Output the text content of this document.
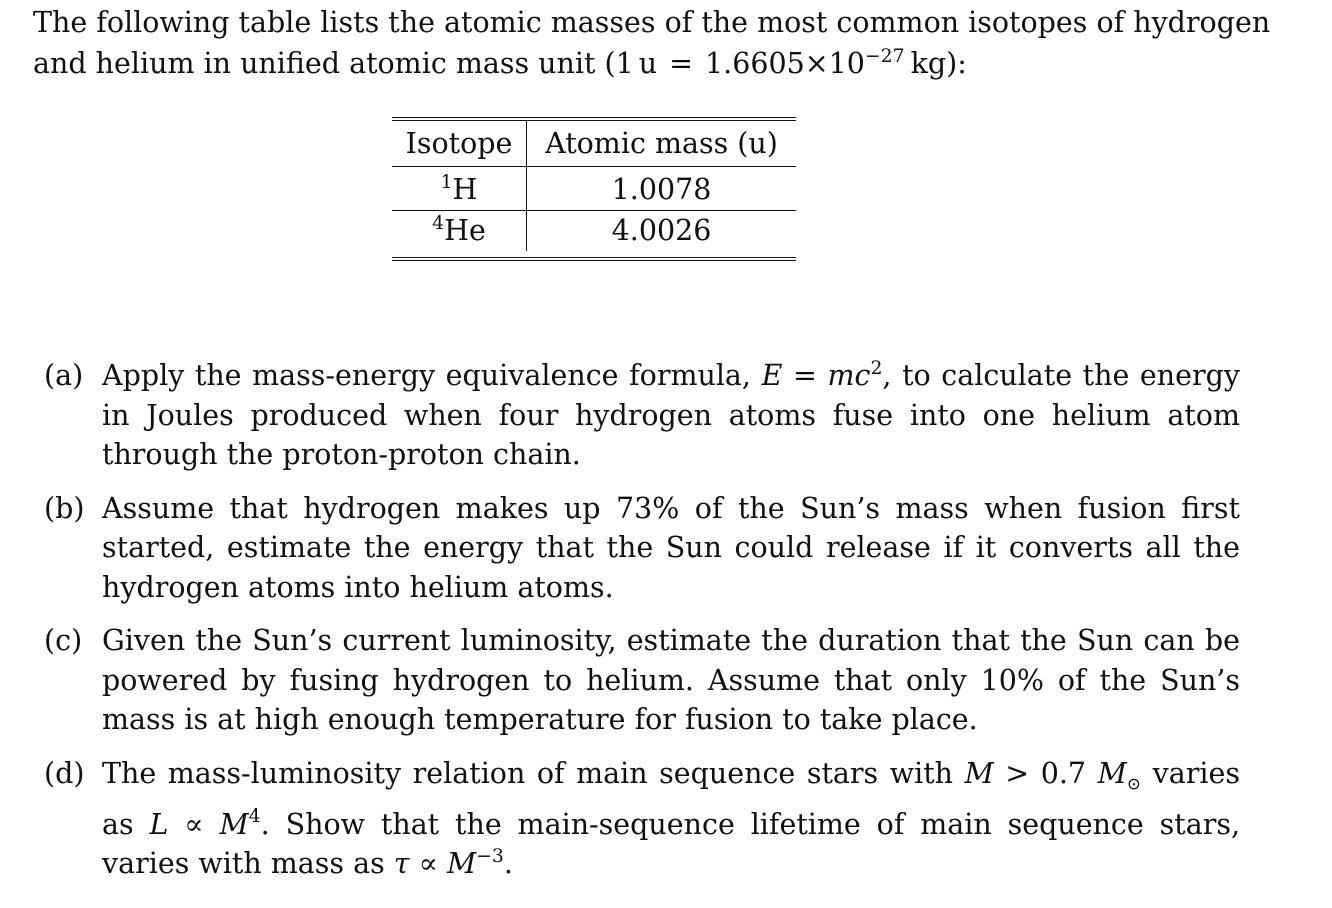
The following table lists the atomic masses of the most common isotopes of hydrogen
and helium in unified atomic mass unit (1 $u = 1.6605\times 10^{-27}$ kg):
Isotope	Atomic mass (u)

$^1$H	1.0078
$^4$He	4.0026
(a) Apply the mass-energy equivalence formula, $E = mc^2$, to calculate the energy in Joules produced when four hydrogen atoms fuse into one helium atom through the proton-proton chain.
(b) Assume that hydrogen makes up 73% of the Sun’s mass when fusion first started, estimate the energy that the Sun could release if it converts all the hydrogen atoms into helium atoms.
(c) Given the Sun’s current luminosity, estimate the duration that the Sun can be powered by fusing hydrogen to helium. Assume that only 10% of the Sun’s mass is at high enough temperature for fusion to take place.
(d) The mass-luminosity relation of main sequence stars with M > 0.7 $M_⊙$ varies as $L \propto M^4$. Show that the main-sequence lifetime of main sequence stars, varies with mass as $\tau \propto M^{-3}$.
